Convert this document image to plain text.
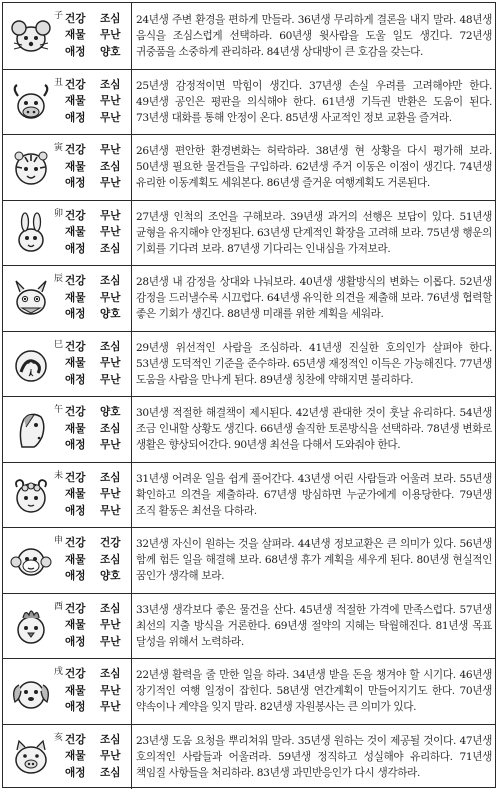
子 건강	조심
재물	무난
애정	양호

24년생 주변 환경을 편하게 만들라. 36년생 무리하게 결론을 내지 말라. 48년생 음식을 조심스럽게 선택하라. 60년생 윗사람을 도울 일도 생긴다. 72년생 귀중품을 소중하게 관리하라. 84년생 상대방이 큰 호감을 갖는다.

丑 건강	조심
재물	무난
애정	무난

25년생 감정적이면 막힘이 생긴다. 37년생 손실 우려를 고려해야만 한다. 49년생 공인은 평판을 의식해야 한다. 61년생 기득권 반환은 도움이 된다. 73년생 대화를 통해 안정이 온다. 85년생 사교적인 정보 교환을 즐겨라.

寅 건강	무난
재물	조심
애정	무난

26년생 편안한 환경변화는 허락하라. 38년생 현 상황을 다시 평가해 보라. 50년생 필요한 물건들을 구입하라. 62년생 주거 이동은 이점이 생긴다. 74년생 유리한 이동계획도 세워본다. 86년생 즐거운 여행계획도 거론된다.

卯 건강	무난
재물	무난
애정	조심

27년생 인척의 조언을 구해보라. 39년생 과거의 선행은 보답이 있다. 51년생 균형을 유지해야 안정된다. 63년생 단계적인 확장을 고려해 보라. 75년생 행운의 기회를 기다려 보라. 87년생 기다리는 인내심을 가져보라.

辰 건강	조심
재물	무난
애정	양호

28년생 내 감정을 상대와 나눠보라. 40년생 생활방식의 변화는 이롭다. 52년생 감정을 드러낼수록 시끄럽다. 64년생 유익한 의견을 제출해 보라. 76년생 협력할 좋은 기회가 생긴다. 88년생 미래를 위한 계획을 세워라.

巳 건강	조심
재물	무난
애정	무난

29년생 위선적인 사람을 조심하라. 41년생 진실한 호의인가 살펴야 한다. 53년생 도덕적인 기준을 준수하라. 65년생 재정적인 이득은 가능해진다. 77년생 도움을 사람을 만나게 된다. 89년생 칭찬에 약해지면 불리하다.

午 건강	양호
재물	조심
애정	무난

30년생 적절한 해결책이 제시된다. 42년생 관대한 것이 훗날 유리하다. 54년생 조금 인내할 상황도 생긴다. 66년생 솔직한 토론방식을 선택하라. 78년생 변화로 생활은 향상되어간다. 90년생 최선을 다해서 도와줘야 한다.

未 건강	조심
재물	무난
애정	무난

31년생 어려운 일을 쉽게 풀어간다. 43년생 어린 사람들과 어울려 보라. 55년생 확인하고 의견을 제출하라. 67년생 방심하면 누군가에게 이용당한다. 79년생 조직 활동은 최선을 다하라.

申 건강	건강
재물	조심
애정	양호

32년생 자신이 원하는 것을 살펴라. 44년생 정보교환은 큰 의미가 있다. 56년생 함께 험든 일을 해결해 보라. 68년생 휴가 계획을 세우게 된다. 80년생 현실적인 꿈인가 생각해 보라.

酉 건강	조심
재물	무난
애정	무난

33년생 생각보다 좋은 물건을 산다. 45년생 적절한 가격에 만족스럽다. 57년생 최선의 지출 방식을 거론한다. 69년생 절약의 지혜는 탁월해진다. 81년생 목표 달성을 위해서 노력하라.

戌 건강	조심
재물	무난
애정	무난

22년생 활력을 줄 만한 일을 하라. 34년생 받을 돈을 챙겨야 할 시기다. 46년생 장기적인 여행 일정이 잡힌다. 58년생 연간계획이 만들어지기도 한다. 70년생 약속이나 계약을 잊지 말라. 82년생 자원봉사는 큰 의미가 있다.

亥 건강	조심
재물	무난
애정	조심

23년생 도움 요청을 뿌리쳐워 말라. 35년생 원하는 것이 제공될 것이다. 47년생 호의적인 사람들과 어울려라. 59년생 정직하고 성실해야 유리하다. 71년생 책임질 사항들을 처리하라. 83년생 과민반응인가 다시 생각하라.
